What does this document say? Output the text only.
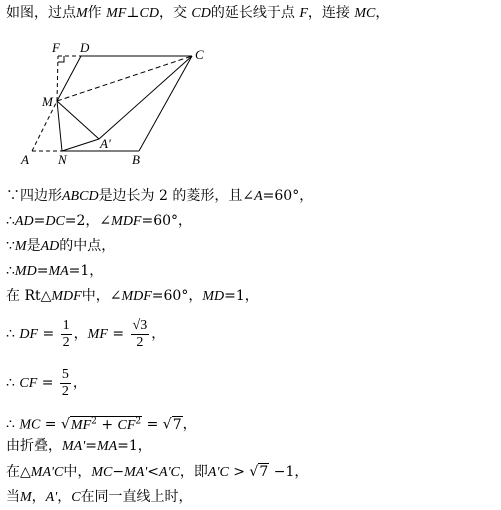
如图，过点M作 MF⊥CD，交 CD的延长线于点 F，连接 MC，
F D	C
M
A′
A N	B
∵四边形ABCD是边长为 2 的菱形，且∠A=60°，
∴AD=DC=2，∠MDF=60°，
∵M是AD的中点，
∴MD=MA=1，
在 Rt△MDF中，∠MDF=60°，MD=1，
∴ DF = $\frac{1}{2}$ ，MF = $\frac{√3}{2}$ ，
∴ CF = $\frac{5}{2}$ ，
∴ MC = $√MF^2 + CF^2 = √7$，
由折叠，MA'=MA=1，
在△MA'C中，MC−MA'<A'C，即A'C > √7 −1，
当M，A'，C在同一直线上时，
